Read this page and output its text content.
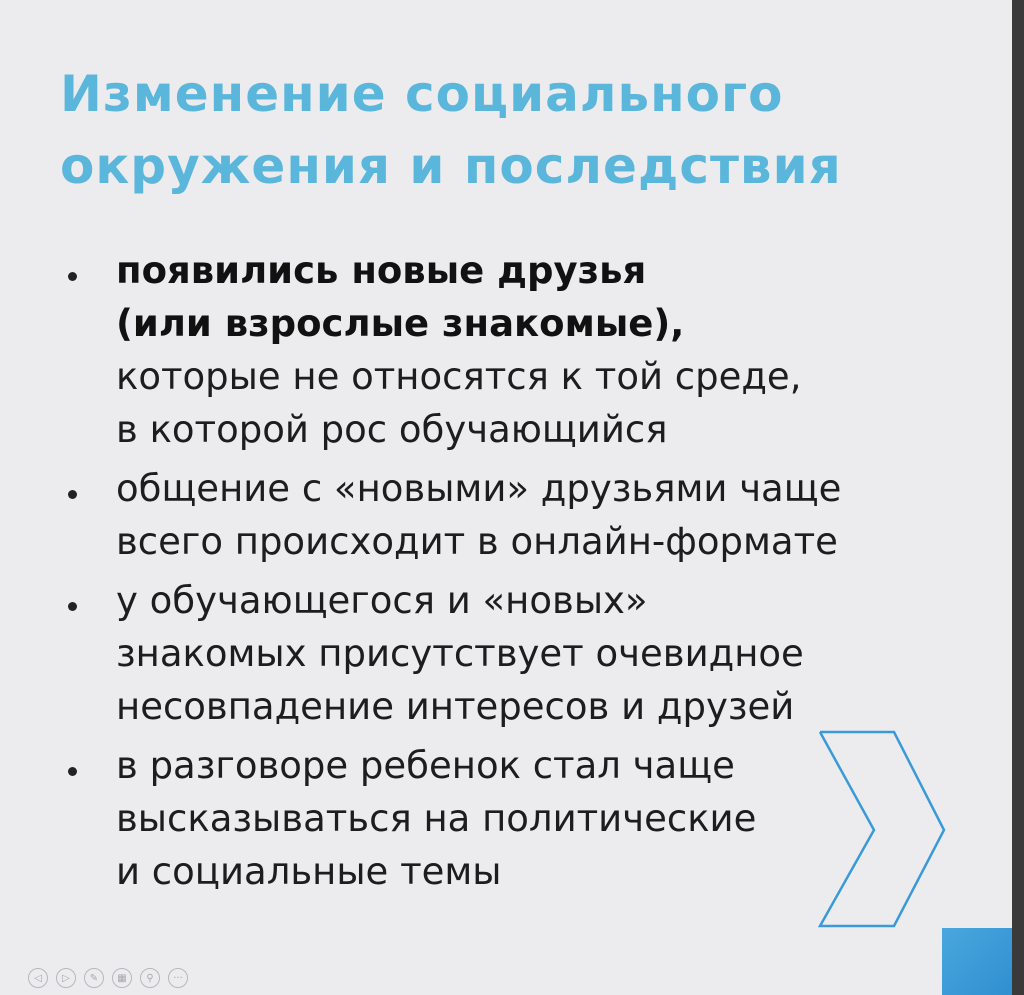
Изменение социального
окружения и последствия
появились новые друзья
(или взрослые знакомые),
которые не относятся к той среде,
в которой рос обучающийся
общение с «новыми» друзьями чаще
всего происходит в онлайн-формате
у обучающегося и «новых»
знакомых присутствует очевидное
несовпадение интересов и друзей
в разговоре ребенок стал чаще
высказываться на политические
и социальные темы
◁	▷	✎	▦	⚲	···
